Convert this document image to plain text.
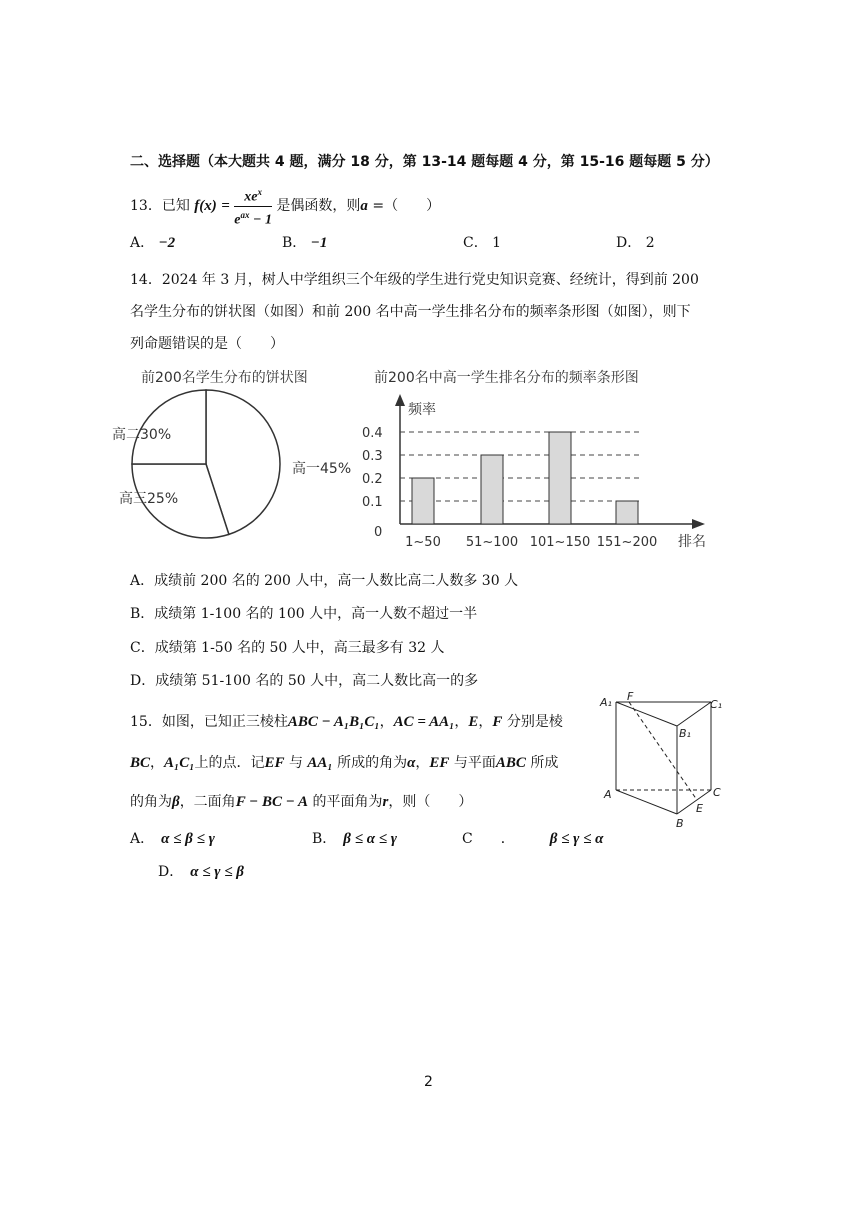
二、选择题（本大题共 4 题，满分 18 分，第 13-14 题每题 4 分，第 15-16 题每题 5 分）
13．已知 $f(x) = \frac{xe^x}{e^{ax} - 1}$ 是偶函数，则a =（　　）
A． −2	B． −1	C． 1	D． 2
14．2024 年 3 月，树人中学组织三个年级的学生进行党史知识竞赛、经统计，得到前 200
名学生分布的饼状图（如图）和前 200 名中高一学生排名分布的频率条形图（如图），则下
列命题错误的是（　　）
前200名学生分布的饼状图
高一45%
高二30%
高三25%
前200名中高一学生排名分布的频率条形图
频率
排名
0
0.1
0.2
0.3
0.4
1~50 51~100 101~150 151~200
A．成绩前 200 名的 200 人中，高一人数比高二人数多 30 人
B．成绩第 1-100 名的 100 人中，高一人数不超过一半
C．成绩第 1-50 名的 50 人中，高三最多有 32 人
D．成绩第 51-100 名的 50 人中，高二人数比高一的多
15．如图，已知正三棱柱ABC − A₁B₁C₁，AC = AA₁，E，F 分别是棱
BC，A₁C₁上的点．记EF 与 AA₁ 所成的角为α，EF 与平面ABC 所成
的角为β，二面角F − BC − A 的平面角为r，则（　　）
A．　 α ≤ β ≤ γ	B．　 β ≤ α ≤ γ	C　　．　　　	β ≤ γ ≤ α
D．　 α ≤ γ ≤ β
A₁ F
C₁
B₁
A	C
E
B
2
